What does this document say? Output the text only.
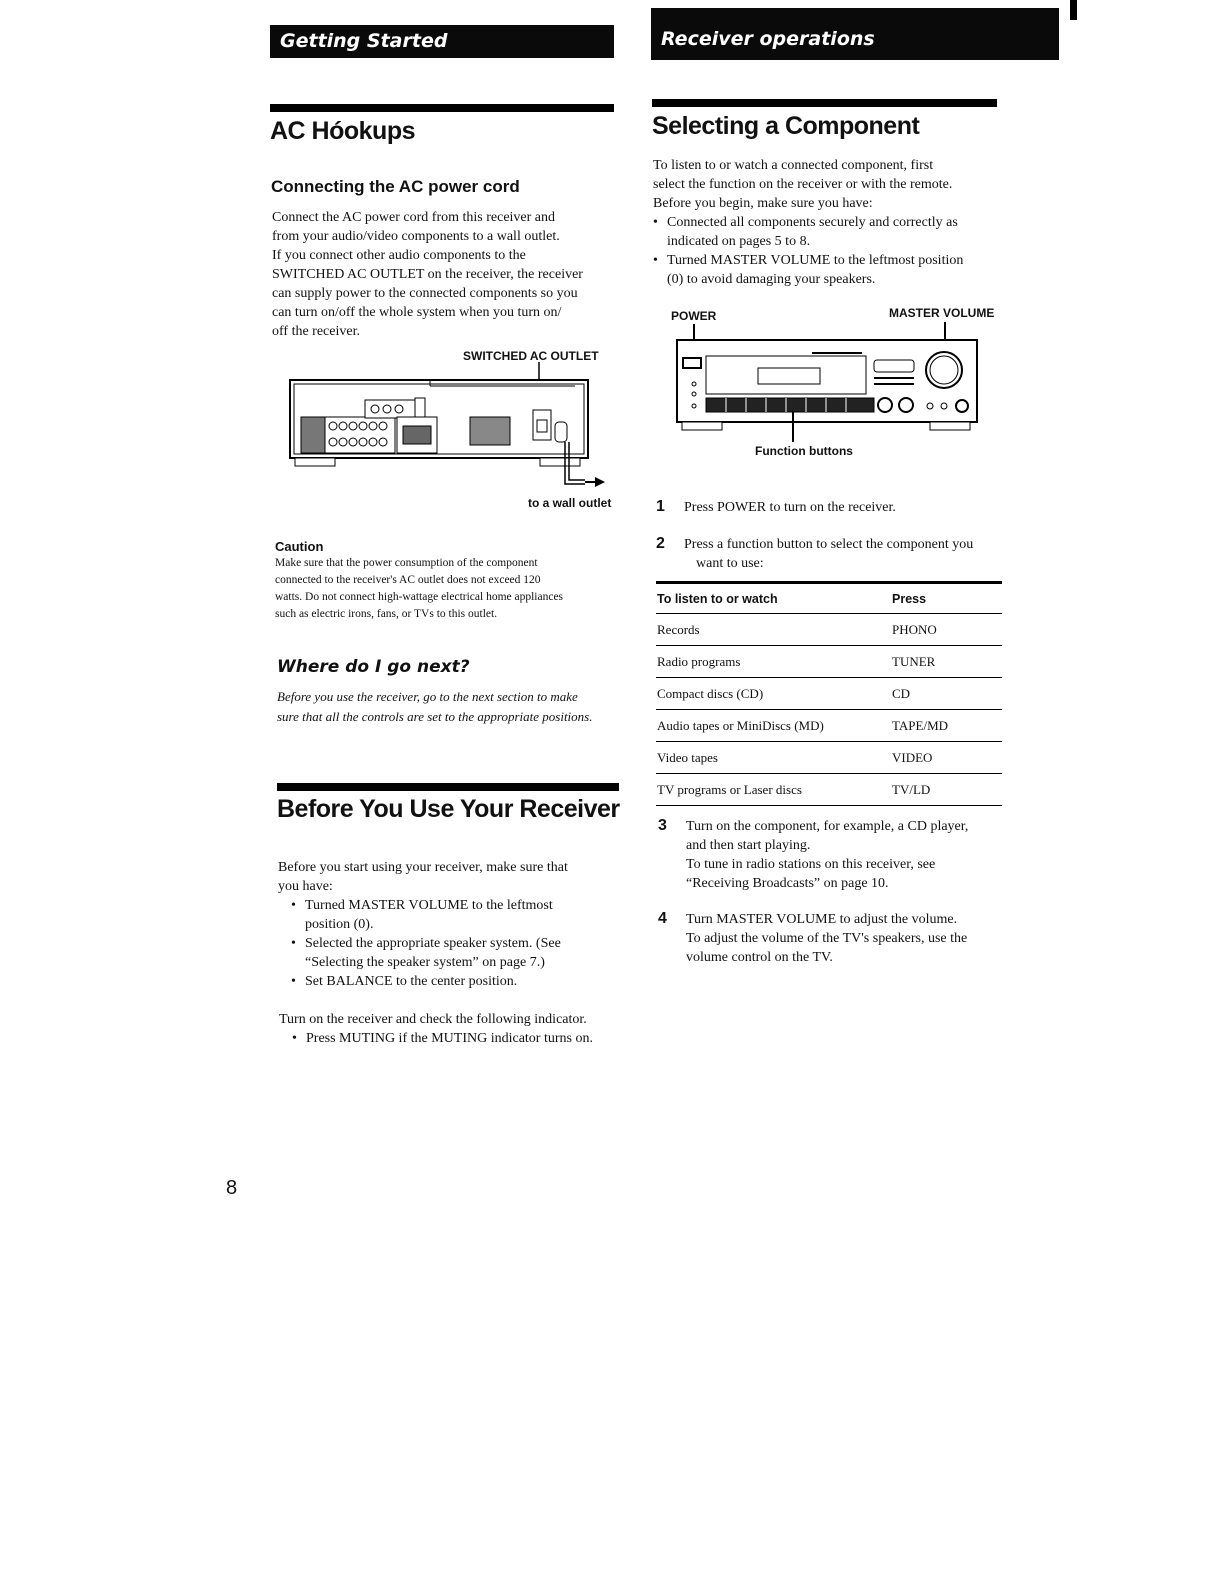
Getting Started	Receiver operations
AC Hóokups
Connecting the AC power cord
Connect the AC power cord from this receiver and
from your audio/video components to a wall outlet.
If you connect other audio components to the
SWITCHED AC OUTLET on the receiver, the receiver
can supply power to the connected components so you
can turn on/off the whole system when you turn on/
off the receiver.
SWITCHED AC OUTLET
to a wall outlet
Caution
Make sure that the power consumption of the component
connected to the receiver's AC outlet does not exceed 120
watts. Do not connect high-wattage electrical home appliances
such as electric irons, fans, or TVs to this outlet.
Where do I go next?
Before you use the receiver, go to the next section to make
sure that all the controls are set to the appropriate positions.
Before You Use Your Receiver
Before you start using your receiver, make sure that
you have:
• Turned MASTER VOLUME to the leftmost
position (0).
• Selected the appropriate speaker system. (See
“Selecting the speaker system” on page 7.)
• Set BALANCE to the center position.
Turn on the receiver and check the following indicator.
• Press MUTING if the MUTING indicator turns on.
8
Selecting a Component
To listen to or watch a connected component, first
select the function on the receiver or with the remote.
Before you begin, make sure you have:
• Connected all components securely and correctly as
indicated on pages 5 to 8.
• Turned MASTER VOLUME to the leftmost position
(0) to avoid damaging your speakers.
POWER	MASTER VOLUME
Function buttons
1 Press POWER to turn on the receiver.
2 Press a function button to select the component you
want to use:
To listen to or watch	Press
Records	PHONO
Radio programs	TUNER
Compact discs (CD)	CD
Audio tapes or MiniDiscs (MD)	TAPE/MD
Video tapes	VIDEO
TV programs or Laser discs	TV/LD
3 Turn on the component, for example, a CD player,
and then start playing.
To tune in radio stations on this receiver, see
“Receiving Broadcasts” on page 10.
4 Turn MASTER VOLUME to adjust the volume.
To adjust the volume of the TV's speakers, use the
volume control on the TV.
